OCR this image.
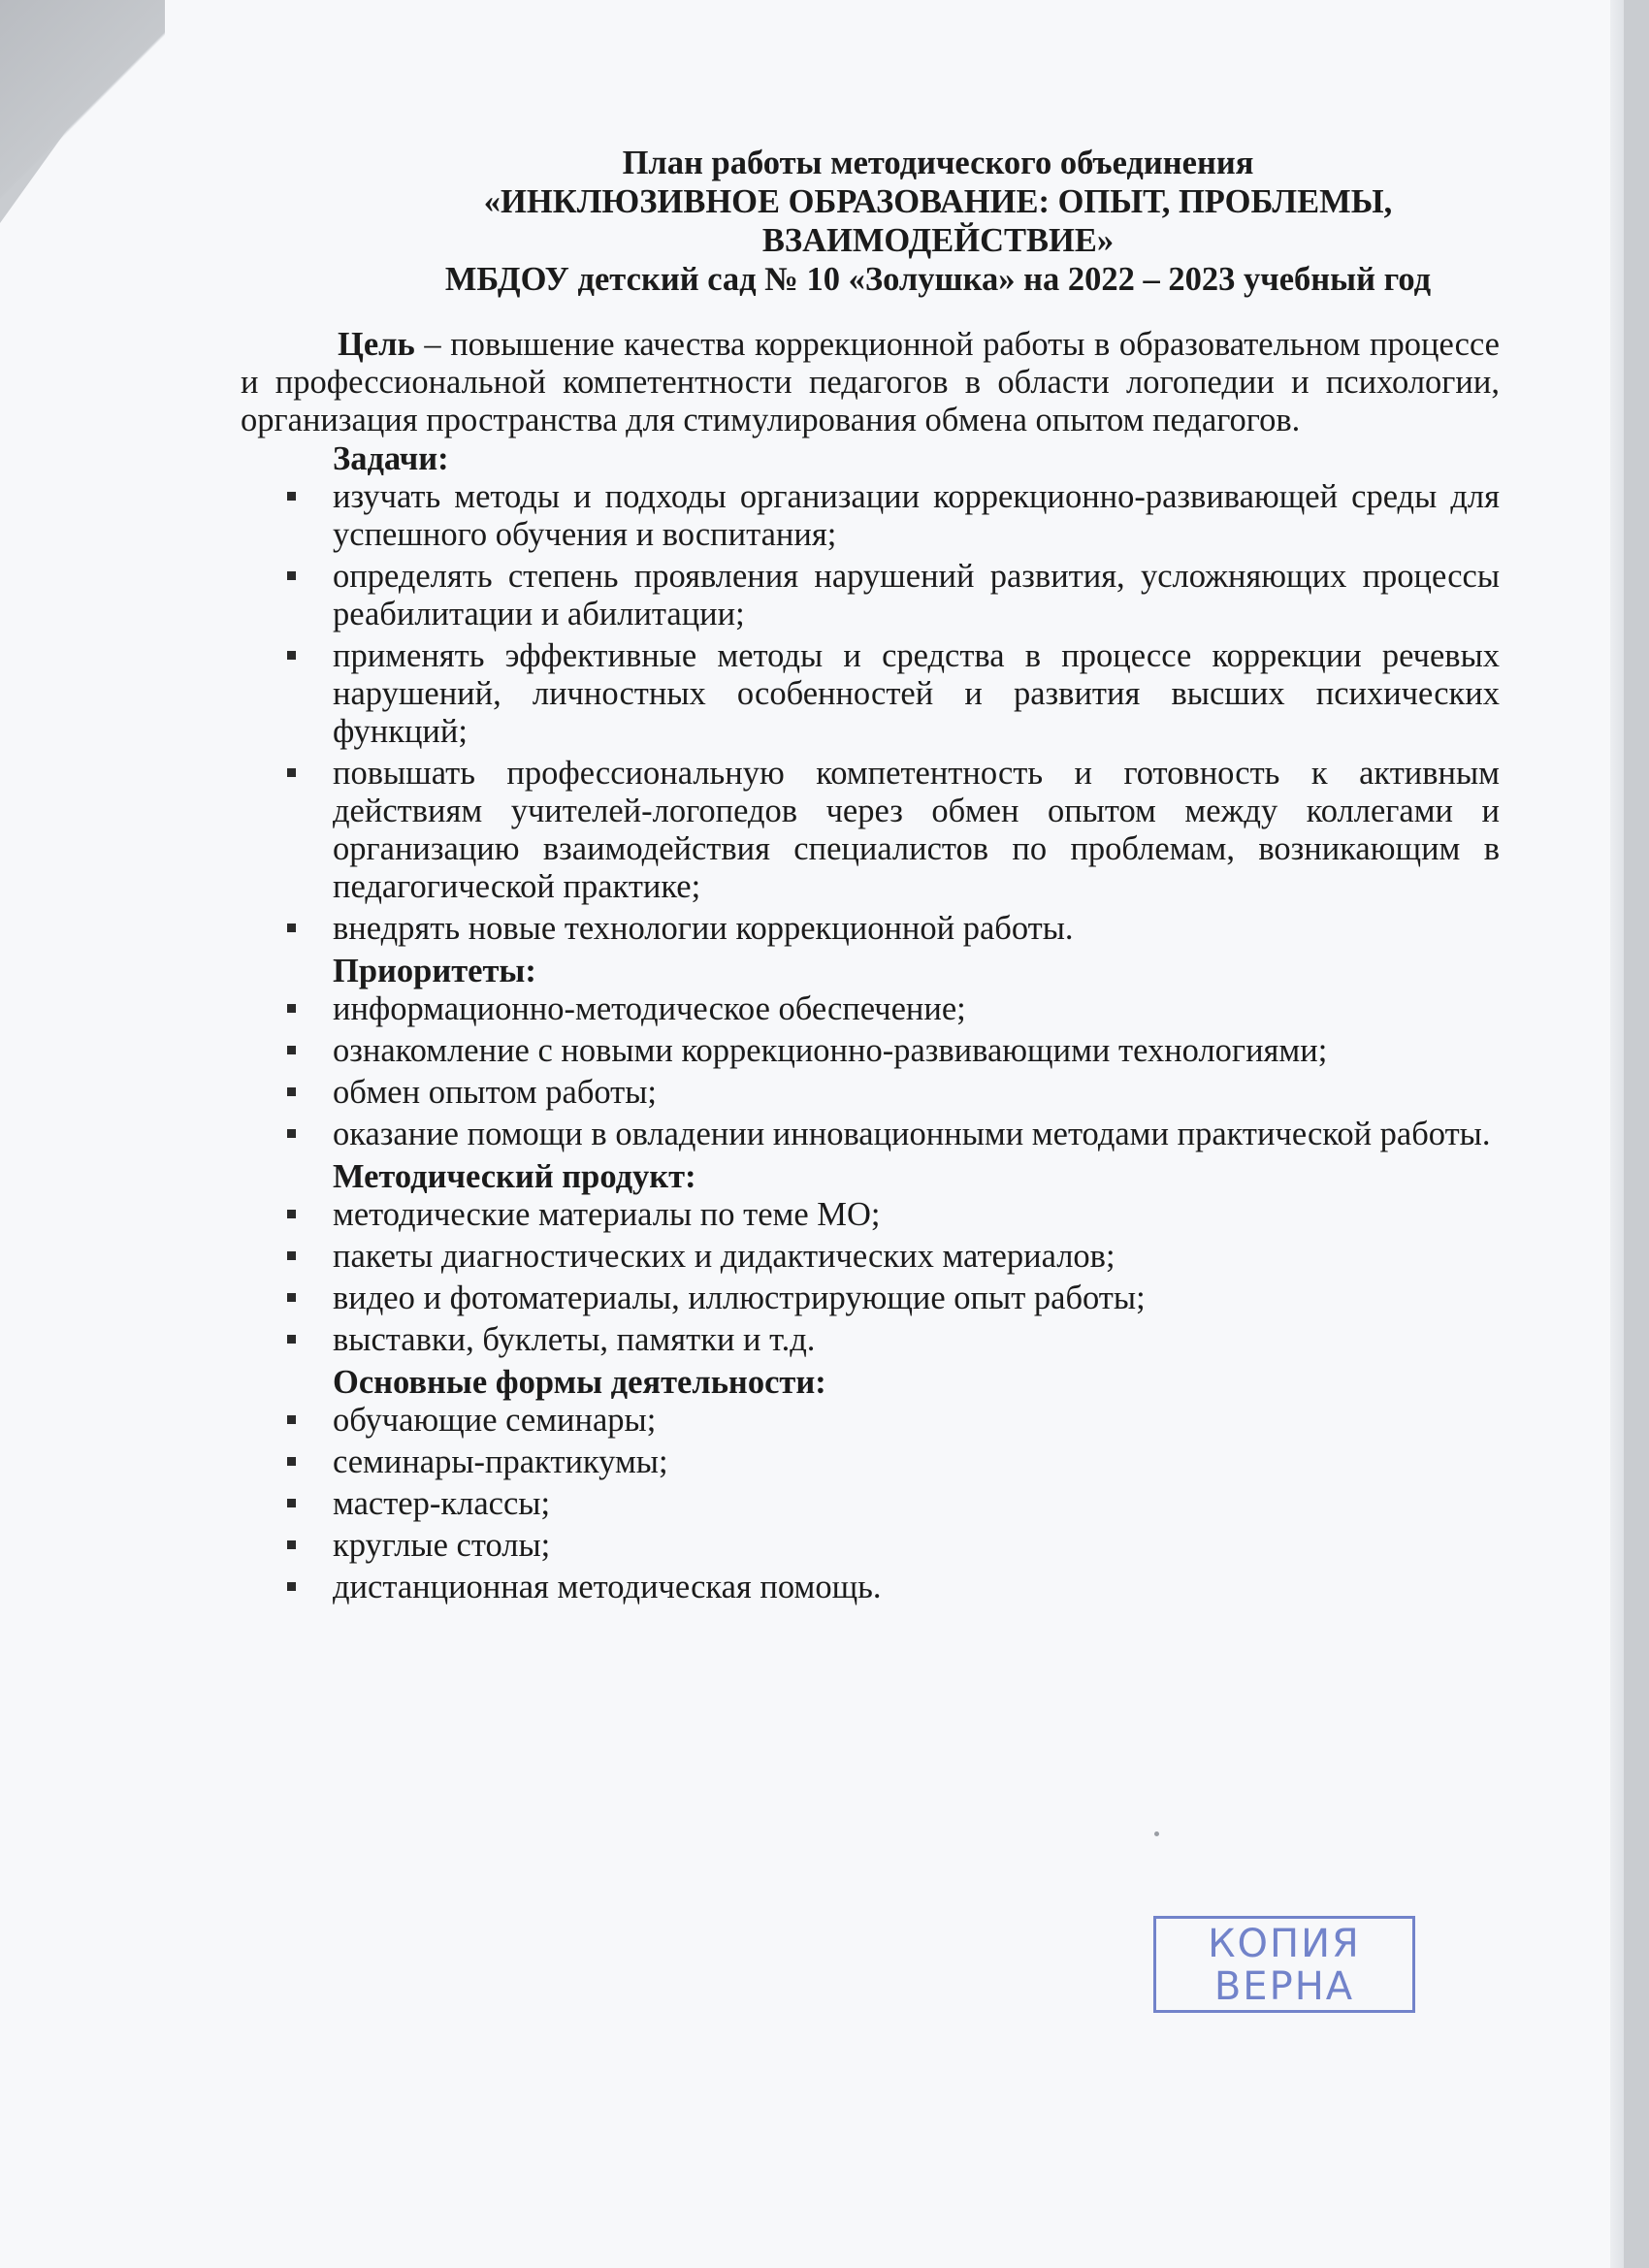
План работы методического объединения
«ИНКЛЮЗИВНОЕ ОБРАЗОВАНИЕ: ОПЫТ, ПРОБЛЕМЫ,
ВЗАИМОДЕЙСТВИЕ»
МБДОУ детский сад № 10 «Золушка» на 2022 – 2023 учебный год

Цель – повышение качества коррекционной работы в образовательном процессе и профессиональной компетентности педагогов в области логопедии и психологии, организация пространства для стимулирования обмена опытом педагогов.

Задачи:
изучать методы и подходы организации коррекционно-развивающей среды для успешного обучения и воспитания;
определять степень проявления нарушений развития, усложняющих процессы реабилитации и абилитации;
применять эффективные методы и средства в процессе коррекции речевых нарушений, личностных особенностей и развития высших психических функций;
повышать профессиональную компетентность и готовность к активным действиям учителей-логопедов через обмен опытом между коллегами и организацию взаимодействия специалистов по проблемам, возникающим в педагогической практике;
внедрять новые технологии коррекционной работы.
Приоритеты:
информационно-методическое обеспечение;
ознакомление с новыми коррекционно-развивающими технологиями;
обмен опытом работы;
оказание помощи в овладении инновационными методами практической работы.
Методический продукт:
методические материалы по теме МО;
пакеты диагностических и дидактических материалов;
видео и фотоматериалы, иллюстрирующие опыт работы;
выставки, буклеты, памятки и т.д.
Основные формы деятельности:
обучающие семинары;
семинары-практикумы;
мастер-классы;
круглые столы;
дистанционная методическая помощь.
КОПИЯ
ВЕРНА
